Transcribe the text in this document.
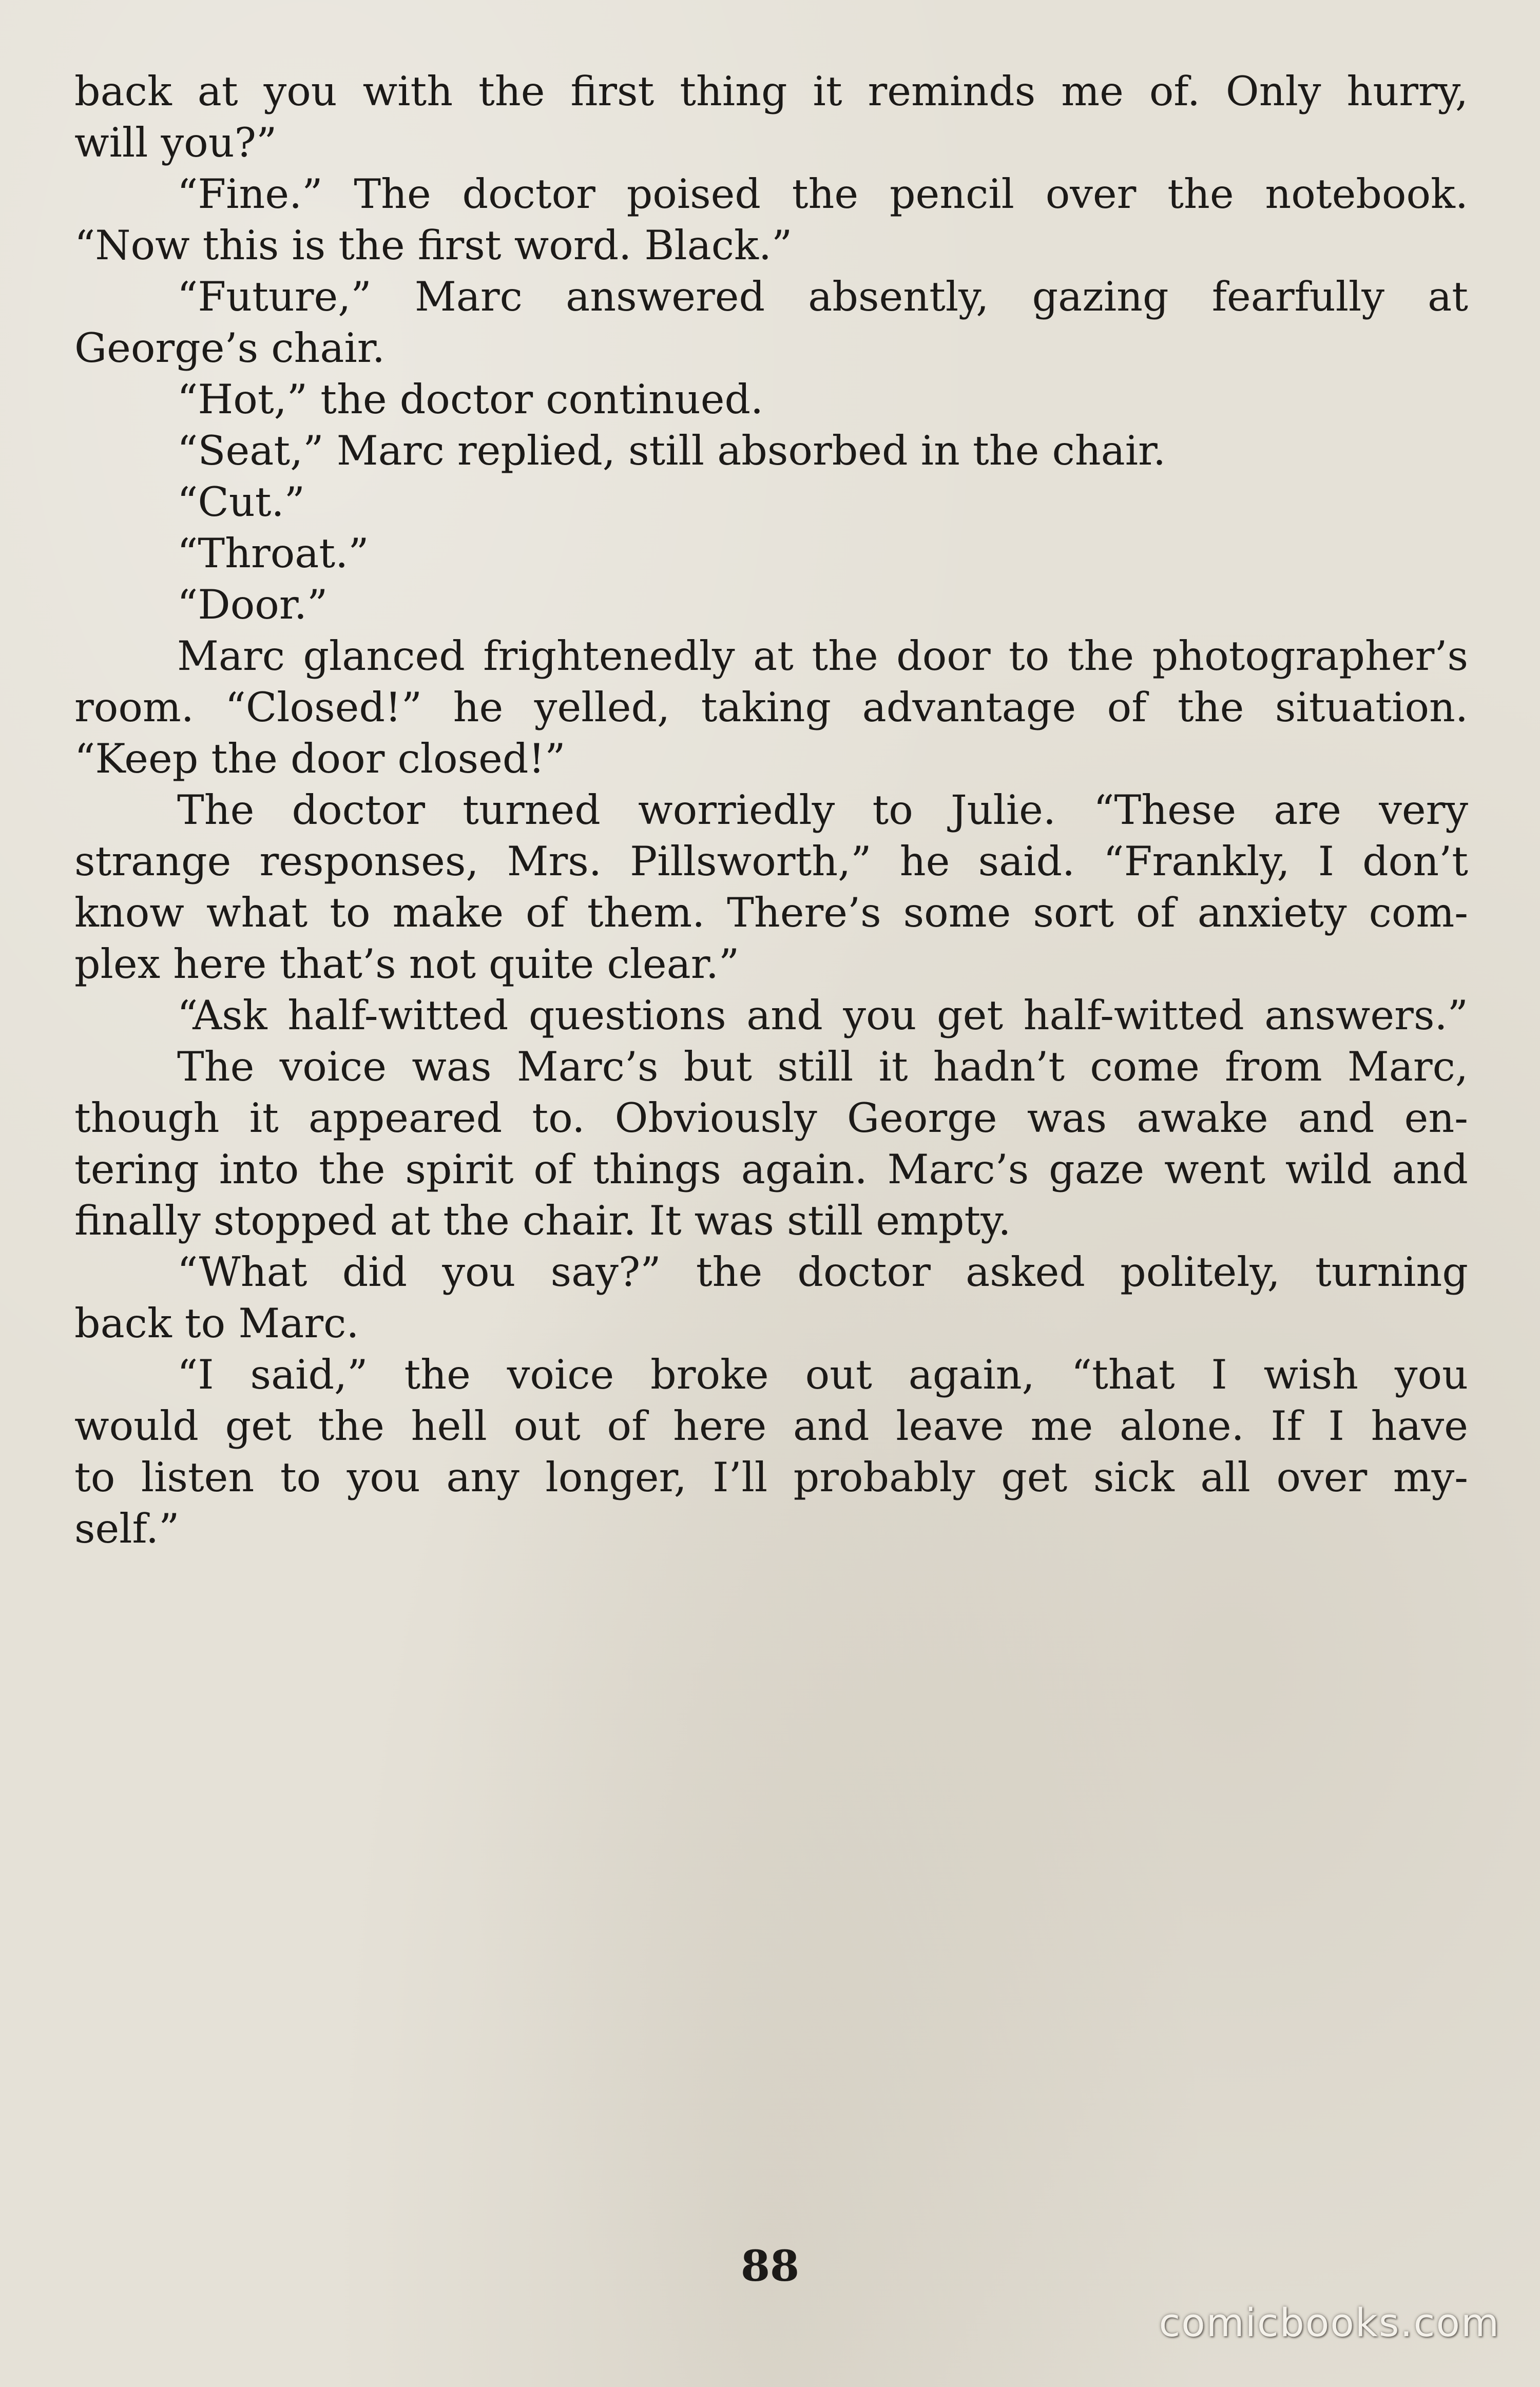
back at you with the first thing it reminds me of. Only hurry,
will you?”
“Fine.” The doctor poised the pencil over the notebook.
“Now this is the first word. Black.”
“Future,” Marc answered absently, gazing fearfully at
George’s chair.
“Hot,” the doctor continued.
“Seat,” Marc replied, still absorbed in the chair.
“Cut.”
“Throat.”
“Door.”
Marc glanced frightenedly at the door to the photographer’s
room. “Closed!” he yelled, taking advantage of the situation.
“Keep the door closed!”
The doctor turned worriedly to Julie. “These are very
strange responses, Mrs. Pillsworth,” he said. “Frankly, I don’t
know what to make of them. There’s some sort of anxiety com-
plex here that’s not quite clear.”
“Ask half-witted questions and you get half-witted answers.”
The voice was Marc’s but still it hadn’t come from Marc,
though it appeared to. Obviously George was awake and en-
tering into the spirit of things again. Marc’s gaze went wild and
finally stopped at the chair. It was still empty.
“What did you say?” the doctor asked politely, turning
back to Marc.
“I said,” the voice broke out again, “that I wish you
would get the hell out of here and leave me alone. If I have
to listen to you any longer, I’ll probably get sick all over my-
self.”
88
comicbooks.com
